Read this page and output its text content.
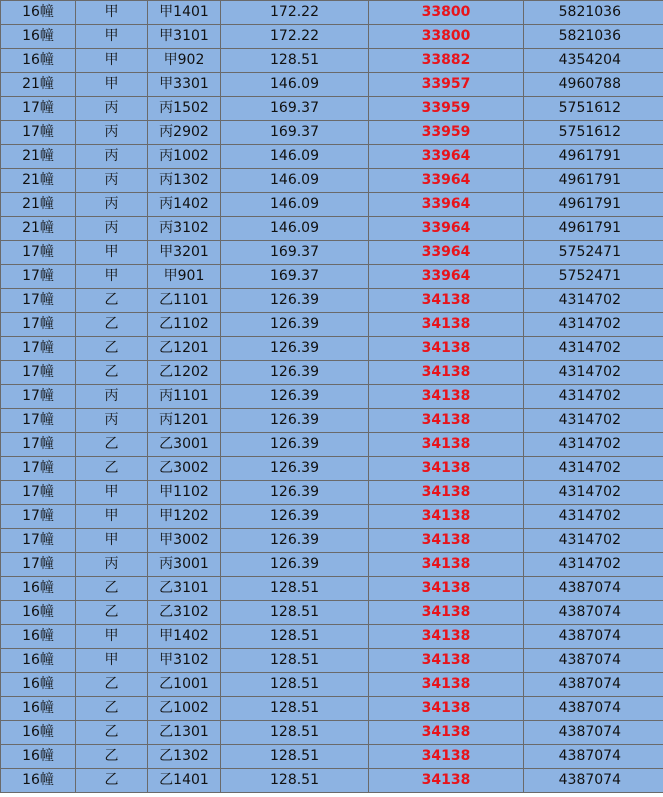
16幢	甲	甲1401	172.22	33800	5821036
16幢	甲	甲3101	172.22	33800	5821036
16幢	甲	甲902	128.51	33882	4354204
21幢	甲	甲3301	146.09	33957	4960788
17幢	丙	丙1502	169.37	33959	5751612
17幢	丙	丙2902	169.37	33959	5751612
21幢	丙	丙1002	146.09	33964	4961791
21幢	丙	丙1302	146.09	33964	4961791
21幢	丙	丙1402	146.09	33964	4961791
21幢	丙	丙3102	146.09	33964	4961791
17幢	甲	甲3201	169.37	33964	5752471
17幢	甲	甲901	169.37	33964	5752471
17幢	乙	乙1101	126.39	34138	4314702
17幢	乙	乙1102	126.39	34138	4314702
17幢	乙	乙1201	126.39	34138	4314702
17幢	乙	乙1202	126.39	34138	4314702
17幢	丙	丙1101	126.39	34138	4314702
17幢	丙	丙1201	126.39	34138	4314702
17幢	乙	乙3001	126.39	34138	4314702
17幢	乙	乙3002	126.39	34138	4314702
17幢	甲	甲1102	126.39	34138	4314702
17幢	甲	甲1202	126.39	34138	4314702
17幢	甲	甲3002	126.39	34138	4314702
17幢	丙	丙3001	126.39	34138	4314702
16幢	乙	乙3101	128.51	34138	4387074
16幢	乙	乙3102	128.51	34138	4387074
16幢	甲	甲1402	128.51	34138	4387074
16幢	甲	甲3102	128.51	34138	4387074
16幢	乙	乙1001	128.51	34138	4387074
16幢	乙	乙1002	128.51	34138	4387074
16幢	乙	乙1301	128.51	34138	4387074
16幢	乙	乙1302	128.51	34138	4387074
16幢	乙	乙1401	128.51	34138	4387074
